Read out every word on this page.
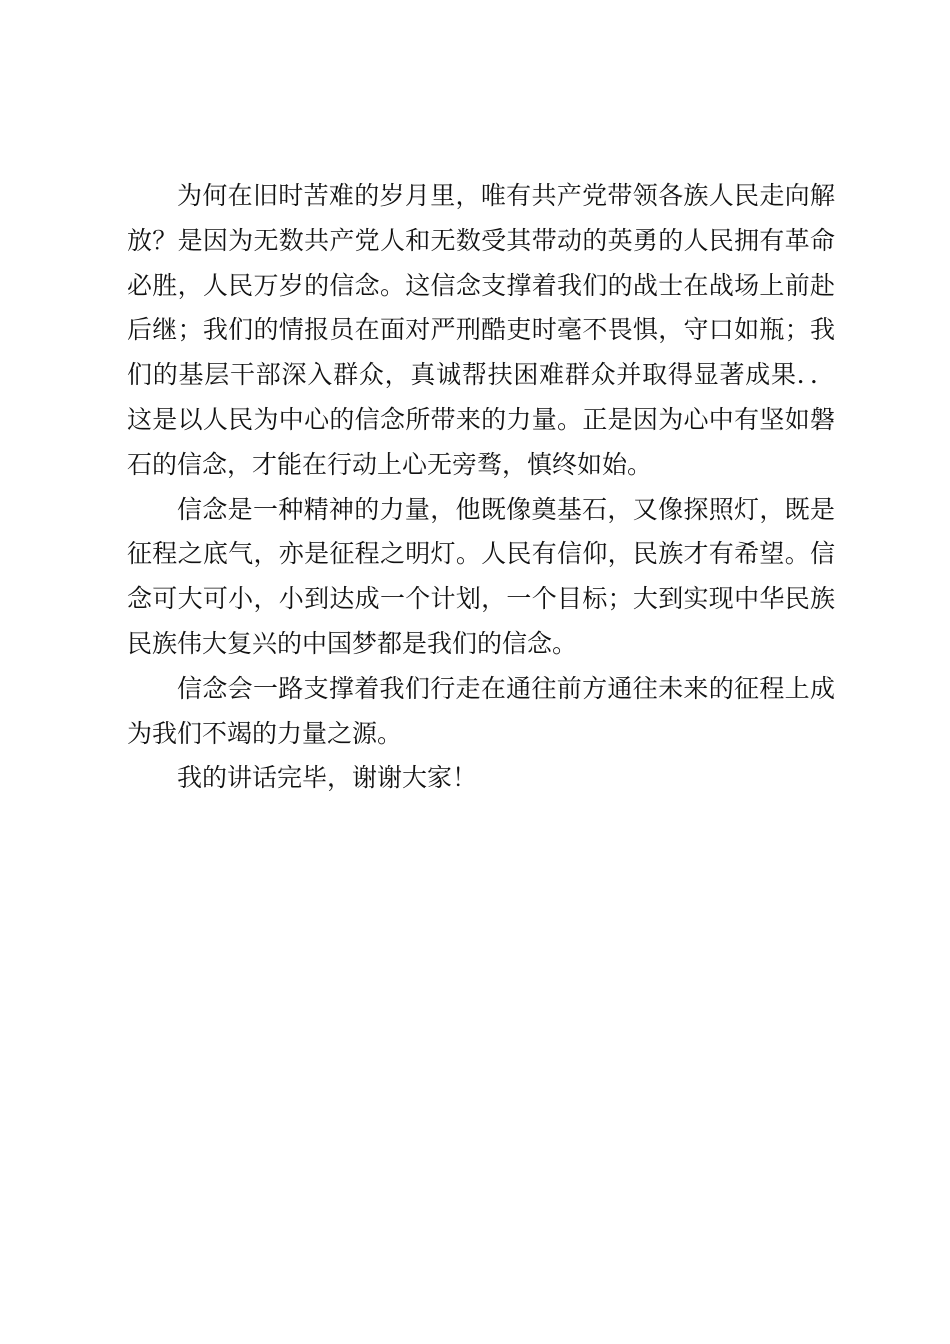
为何在旧时苦难的岁月里，唯有共产党带领各族人民走向解放？是因为无数共产党人和无数受其带动的英勇的人民拥有革命必胜，人民万岁的信念。这信念支撑着我们的战士在战场上前赴后继；我们的情报员在面对严刑酷吏时毫不畏惧，守口如瓶；我们的基层干部深入群众，真诚帮扶困难群众并取得显著成果．．这是以人民为中心的信念所带来的力量。正是因为心中有坚如磐石的信念，才能在行动上心无旁骛，慎终如始。

信念是一种精神的力量，他既像奠基石，又像探照灯，既是征程之底气，亦是征程之明灯。人民有信仰，民族才有希望。信念可大可小，小到达成一个计划，一个目标；大到实现中华民族民族伟大复兴的中国梦都是我们的信念。

信念会一路支撑着我们行走在通往前方通往未来的征程上成为我们不竭的力量之源。

我的讲话完毕，谢谢大家！
